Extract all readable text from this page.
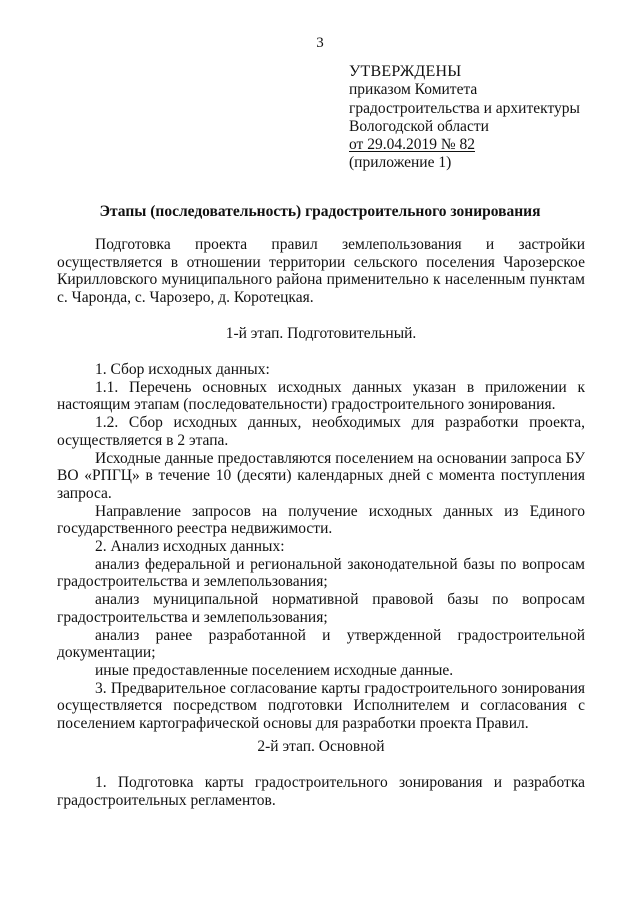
3
УТВЕРЖДЕНЫ
приказом Комитета
градостроительства и архитектуры
Вологодской области
от 29.04.2019 № 82
(приложение 1)
Этапы (последовательность) градостроительного зонирования

Подготовка проекта правил землепользования и застройки осуществляется в отношении территории сельского поселения Чарозерское Кирилловского муниципального района применительно к населенным пунктам с. Чаронда, с. Чарозеро, д. Коротецкая.

1-й этап. Подготовительный.

1. Сбор исходных данных:

1.1. Перечень основных исходных данных указан в приложении к настоящим этапам (последовательности) градостроительного зонирования.

1.2. Сбор исходных данных, необходимых для разработки проекта, осуществляется в 2 этапа.

Исходные данные предоставляются поселением на основании запроса БУ ВО «РПГЦ» в течение 10 (десяти) календарных дней с момента поступления запроса.

Направление запросов на получение исходных данных из Единого государственного реестра недвижимости.

2. Анализ исходных данных:

анализ федеральной и региональной законодательной базы по вопросам градостроительства и землепользования;

анализ муниципальной нормативной правовой базы по вопросам градостроительства и землепользования;

анализ ранее разработанной и утвержденной градостроительной документации;

иные предоставленные поселением исходные данные.

3. Предварительное согласование карты градостроительного зонирования осуществляется посредством подготовки Исполнителем и согласования с поселением картографической основы для разработки проекта Правил.

2-й этап. Основной

1. Подготовка карты градостроительного зонирования и разработка градостроительных регламентов.
